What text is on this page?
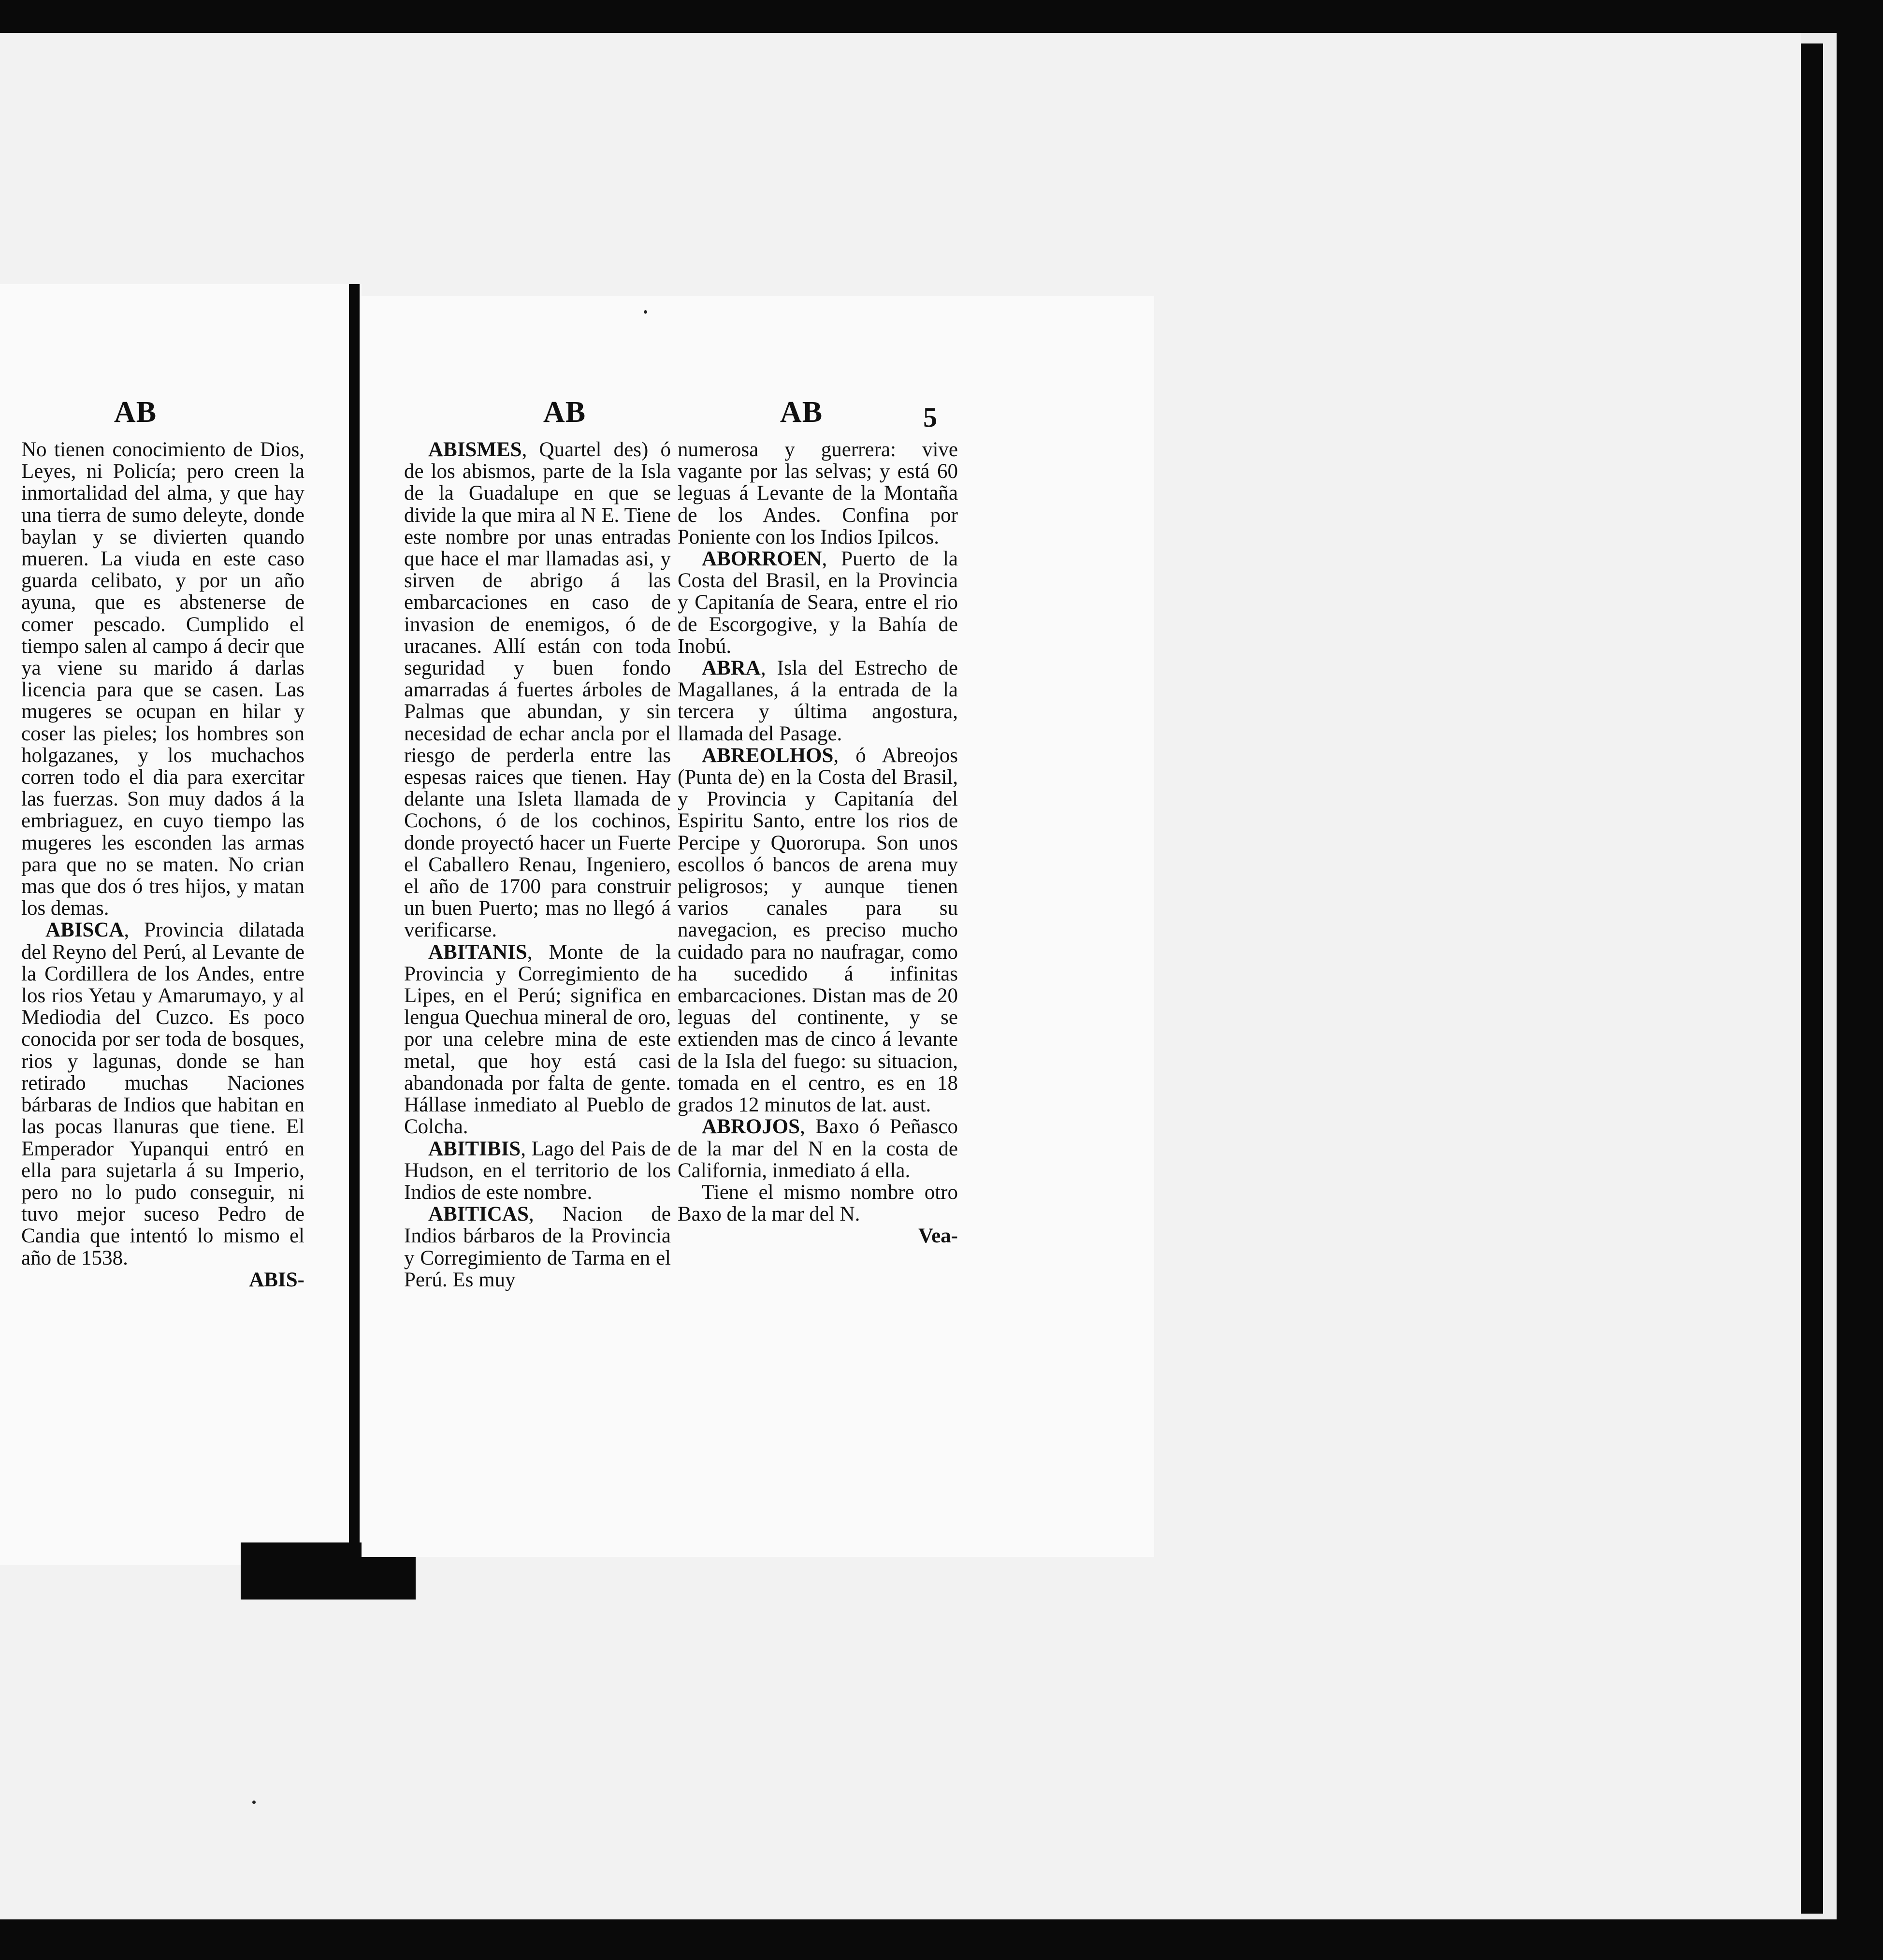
AB

No tienen conocimiento de Dios, Leyes, ni Policía; pero creen la inmortalidad del alma, y que hay una tierra de sumo deleyte, donde baylan y se divierten quando mueren. La viuda en este caso guarda celibato, y por un año ayuna, que es abstenerse de comer pescado. Cumplido el tiempo salen al campo á decir que ya viene su marido á darlas licencia para que se casen. Las mugeres se ocupan en hilar y coser las pieles; los hombres son holgazanes, y los muchachos corren todo el dia para exercitar las fuerzas. Son muy dados á la embriaguez, en cuyo tiempo las mugeres les esconden las armas para que no se maten. No crian mas que dos ó tres hijos, y matan los demas.

ABISCA, Provincia dilatada del Reyno del Perú, al Levante de la Cordillera de los Andes, entre los rios Yetau y Amarumayo, y al Mediodia del Cuzco. Es poco conocida por ser toda de bosques, rios y lagunas, donde se han retirado muchas Naciones bárbaras de Indios que habitan en las pocas llanuras que tiene. El Emperador Yupanqui entró en ella para sujetarla á su Imperio, pero no lo pudo conseguir, ni tuvo mejor suceso Pedro de Candia que intentó lo mismo el año de 1538.

ABIS-

AB	AB	5

ABISMES, Quartel des) ó de los abismos, parte de la Isla de la Guadalupe en que se divide la que mira al N E. Tiene este nombre por unas entradas que hace el mar llamadas asi, y sirven de abrigo á las embarcaciones en caso de invasion de enemigos, ó de uracanes. Allí están con toda seguridad y buen fondo amarradas á fuertes árboles de Palmas que abundan, y sin necesidad de echar ancla por el riesgo de perderla entre las espesas raices que tienen. Hay delante una Isleta llamada de Cochons, ó de los cochinos, donde proyectó hacer un Fuerte el Caballero Renau, Ingeniero, el año de 1700 para construir un buen Puerto; mas no llegó á verificarse.

ABITANIS, Monte de la Provincia y Corregimiento de Lipes, en el Perú; significa en lengua Quechua mineral de oro, por una celebre mina de este metal, que hoy está casi abandonada por falta de gente. Hállase inmediato al Pueblo de Colcha.

ABITIBIS, Lago del Pais de Hudson, en el territorio de los Indios de este nombre.

ABITICAS, Nacion de Indios bárbaros de la Provincia y Corregimiento de Tarma en el Perú. Es muy

numerosa y guerrera: vive vagante por las selvas; y está 60 leguas á Levante de la Montaña de los Andes. Confina por Poniente con los Indios Ipilcos.

ABORROEN, Puerto de la Costa del Brasil, en la Provincia y Capitanía de Seara, entre el rio de Escorgogive, y la Bahía de Inobú.

ABRA, Isla del Estrecho de Magallanes, á la entrada de la tercera y última angostura, llamada del Pasage.

ABREOLHOS, ó Abreojos (Punta de) en la Costa del Brasil, y Provincia y Capitanía del Espiritu Santo, entre los rios de Percipe y Quororupa. Son unos escollos ó bancos de arena muy peligrosos; y aunque tienen varios canales para su navegacion, es preciso mucho cuidado para no naufragar, como ha sucedido á infinitas embarcaciones. Distan mas de 20 leguas del continente, y se extienden mas de cinco á levante de la Isla del fuego: su situacion, tomada en el centro, es en 18 grados 12 minutos de lat. aust.

ABROJOS, Baxo ó Peñasco de la mar del N en la costa de California, inmediato á ella.

Tiene el mismo nombre otro Baxo de la mar del N.

Vea-
